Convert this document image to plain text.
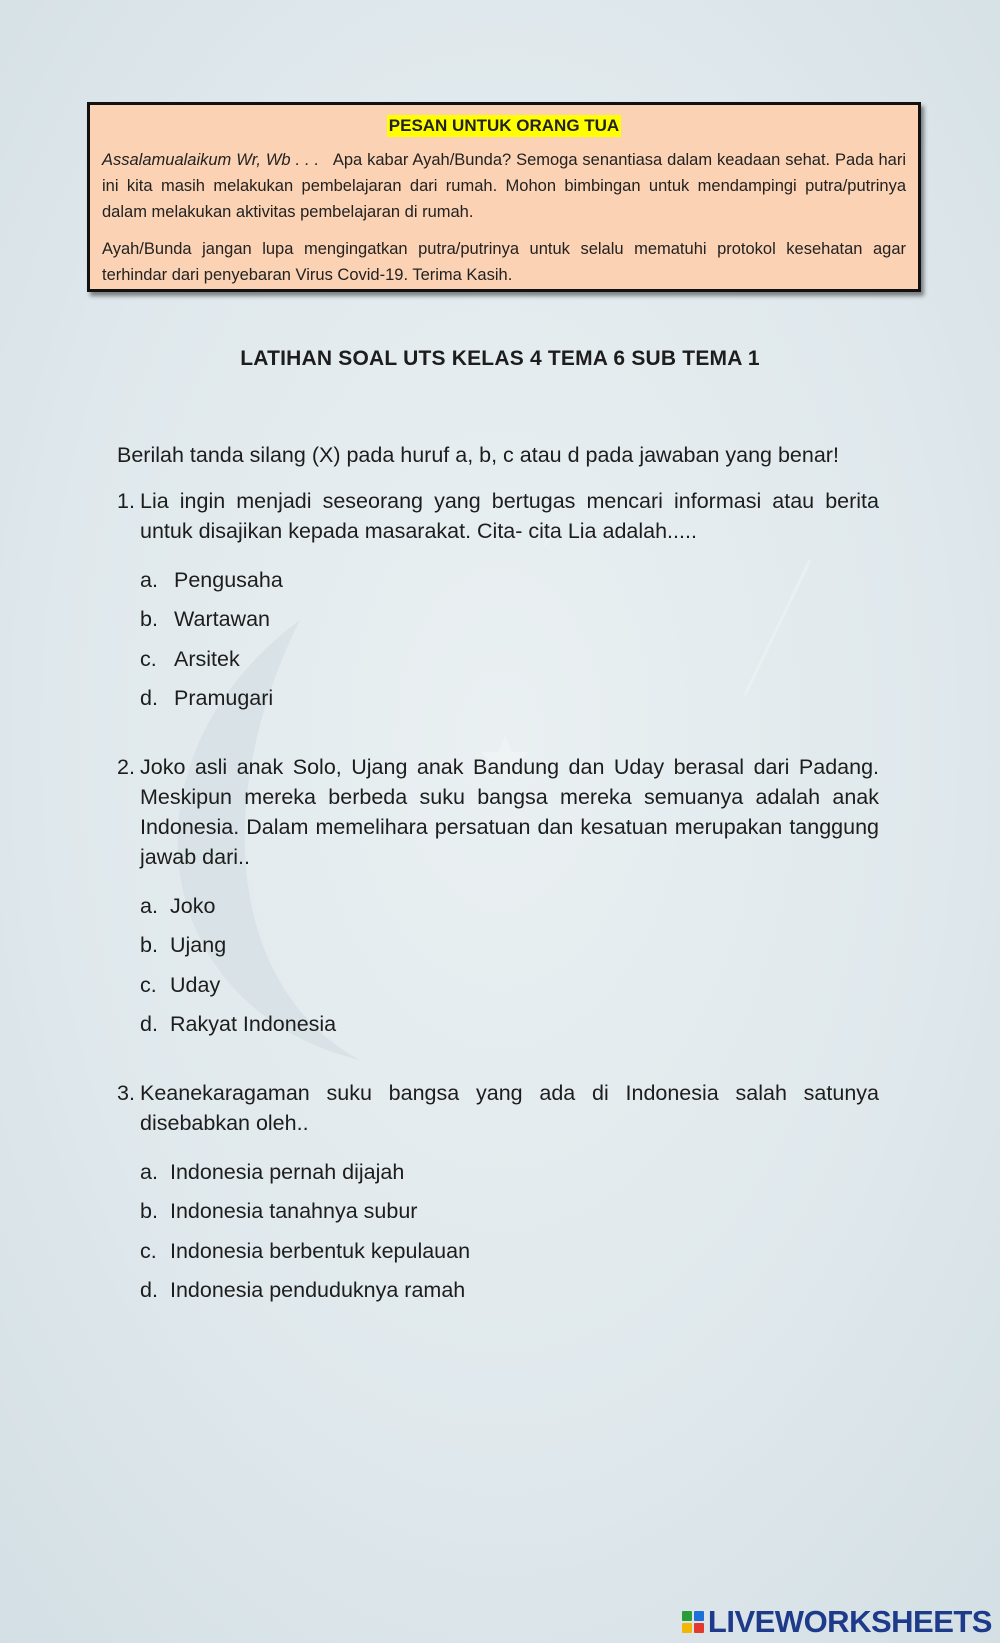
PESAN UNTUK ORANG TUA

Assalamualaikum Wr, Wb . . . Apa kabar Ayah/Bunda? Semoga senantiasa dalam keadaan sehat. Pada hari ini kita masih melakukan pembelajaran dari rumah. Mohon bimbingan untuk mendampingi putra/putrinya dalam melakukan aktivitas pembelajaran di rumah.

Ayah/Bunda jangan lupa mengingatkan putra/putrinya untuk selalu mematuhi protokol kesehatan agar terhindar dari penyebaran Virus Covid-19. Terima Kasih.

LATIHAN SOAL UTS KELAS 4 TEMA 6 SUB TEMA 1

Berilah tanda silang (X) pada huruf a, b, c atau d pada jawaban yang benar!

1. Lia ingin menjadi seseorang yang bertugas mencari informasi atau berita untuk disajikan kepada masarakat. Cita- cita Lia adalah.....
a. Pengusaha
b. Wartawan
c. Arsitek
d. Pramugari
2. Joko asli anak Solo, Ujang anak Bandung dan Uday berasal dari Padang. Meskipun mereka berbeda suku bangsa mereka semuanya adalah anak Indonesia. Dalam memelihara persatuan dan kesatuan merupakan tanggung jawab dari..
a. Joko
b. Ujang
c. Uday
d. Rakyat Indonesia
3. Keanekaragaman suku bangsa yang ada di Indonesia salah satunya disebabkan oleh..
a. Indonesia pernah dijajah
b. Indonesia tanahnya subur
c. Indonesia berbentuk kepulauan
d. Indonesia penduduknya ramah
LIVEWORKSHEETS
